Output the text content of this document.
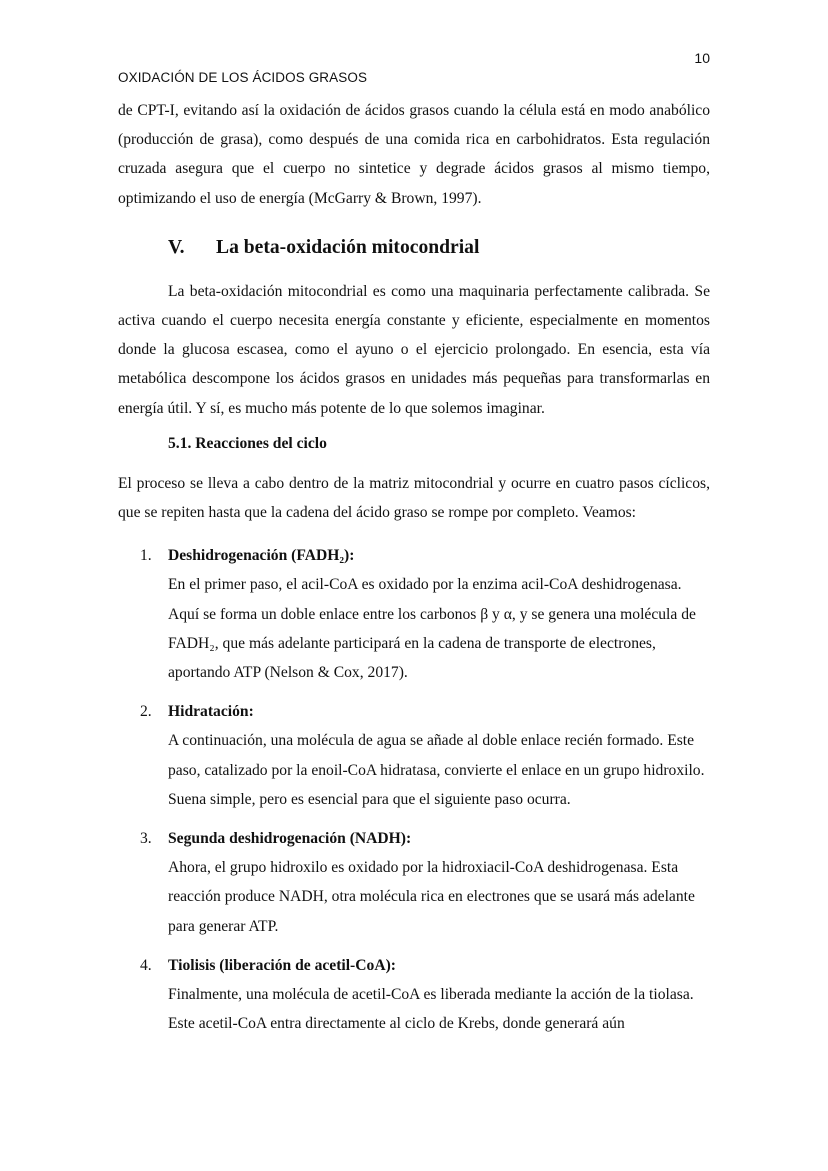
10
OXIDACIÓN DE LOS ÁCIDOS GRASOS

de CPT-I, evitando así la oxidación de ácidos grasos cuando la célula está en modo anabólico (producción de grasa), como después de una comida rica en carbohidratos. Esta regulación cruzada asegura que el cuerpo no sintetice y degrade ácidos grasos al mismo tiempo, optimizando el uso de energía (McGarry & Brown, 1997).

V. La beta-oxidación mitocondrial

La beta-oxidación mitocondrial es como una maquinaria perfectamente calibrada. Se activa cuando el cuerpo necesita energía constante y eficiente, especialmente en momentos donde la glucosa escasea, como el ayuno o el ejercicio prolongado. En esencia, esta vía metabólica descompone los ácidos grasos en unidades más pequeñas para transformarlas en energía útil. Y sí, es mucho más potente de lo que solemos imaginar.

5.1. Reacciones del ciclo

El proceso se lleva a cabo dentro de la matriz mitocondrial y ocurre en cuatro pasos cíclicos, que se repiten hasta que la cadena del ácido graso se rompe por completo. Veamos:

1. Deshidrogenación (FADH₂):
En el primer paso, el acil-CoA es oxidado por la enzima acil-CoA deshidrogenasa. Aquí se forma un doble enlace entre los carbonos β y α, y se genera una molécula de FADH₂, que más adelante participará en la cadena de transporte de electrones, aportando ATP (Nelson & Cox, 2017).
2. Hidratación:
A continuación, una molécula de agua se añade al doble enlace recién formado. Este paso, catalizado por la enoil-CoA hidratasa, convierte el enlace en un grupo hidroxilo. Suena simple, pero es esencial para que el siguiente paso ocurra.
3. Segunda deshidrogenación (NADH):
Ahora, el grupo hidroxilo es oxidado por la hidroxiacil-CoA deshidrogenasa. Esta reacción produce NADH, otra molécula rica en electrones que se usará más adelante para generar ATP.
4. Tiolisis (liberación de acetil-CoA):
Finalmente, una molécula de acetil-CoA es liberada mediante la acción de la tiolasa. Este acetil-CoA entra directamente al ciclo de Krebs, donde generará aún
